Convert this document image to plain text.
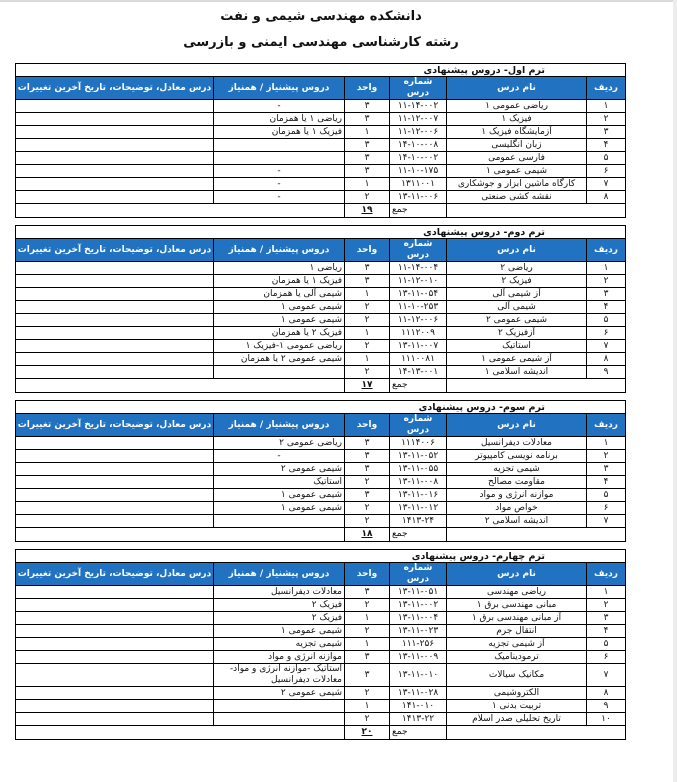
دانشکده مهندسی شیمی و نفت
رشته کارشناسی مهندسی ایمنی و بازرسی
ترم اول- دروس پیشنهادی					
ردیف	نام درس	شماره درس	واحد	دروس پیشنیاز / همنیاز	درس معادل، توضیحات، تاریخ آخرین تغییرات
۱	ریاضی عمومی ۱	۱۱-۱۴-۰۰۲	۳	-	
۲	فیزیک ۱	۱۱-۱۲-۰۰۷	۳	ریاضی ۱ یا همزمان	
۳	آزمایشگاه فیزیک ۱	۱۱-۱۲-۰۰۶	۱	فیزیک ۱ یا همزمان	
۴	زبان انگلیسی	۱۴-۱۰-۰۰۸	۳		
۵	فارسی عمومی	۱۴-۱۰-۰۰۲	۳		
۶	شیمی عمومی ۱	۱۱-۱۰-۱۷۵	۳	-	
۷	کارگاه ماشین ابزار و جوشکاری	۱۳۱۱۰۰۱	۱	-	
۸	نقشه کشی صنعتی	۱۳-۱۱-۰۰۶	۲	-	
		جمع	۱۹		
ترم دوم- دروس پیشنهادی					
ردیف	نام درس	شماره درس	واحد	دروس پیشنیاز / همنیاز	درس معادل، توضیحات، تاریخ آخرین تغییرات
۱	ریاضی ۲	۱۱-۱۴-۰۰۴	۳	ریاضی ۱	
۲	فیزیک ۲	۱۱-۱۲-۰۱۰	۳	فیزیک ۱ یا همزمان	
۳	آز شیمی آلی	۱۳-۱۱-۰۵۴	۱	شیمی آلی یا همزمان	
۴	شیمی آلی	۱۱-۱۰-۲۵۳	۲	شیمی عمومی ۱	
۵	شیمی عمومی ۲	۱۱-۱۲-۰۰۶	۲	شیمی عمومی ۱	
۶	آزفیزیک ۲	۱۱۱۲۰۰۹	۱	فیزیک ۲ یا همزمان	
۷	استاتیک	۱۳-۱۱-۰۰۷	۲	ریاضی عمومی ۱-فیزیک ۱	
۸	آز شیمی عمومی ۱	۱۱۱۰۰۸۱	۱	شیمی عمومی ۲ یا همزمان	
۹	اندیشه اسلامی ۱	۱۴-۱۳-۰۰۱	۲		
		جمع	۱۷		
ترم سوم- دروس پیشنهادی					
ردیف	نام درس	شماره درس	واحد	دروس پیشنیاز / همنیاز	درس معادل، توضیحات، تاریخ آخرین تغییرات
۱	معادلات دیفرانسیل	۱۱۱۴۰۰۶	۳	ریاضی عمومی ۲	
۲	برنامه نویسی کامپیوتر	۱۳-۱۱-۰۵۲	۳	-	
۳	شیمی تجزیه	۱۳-۱۱-۰۵۵	۳	شیمی عمومی ۲	
۴	مقاومت مصالح	۱۳-۱۱-۰۰۸	۲	استاتیک	
۵	موازنه انرژی و مواد	۱۳-۱۱-۰۱۶	۳	شیمی عمومی ۱	
۶	خواص مواد	۱۳-۱۱-۰۱۲	۲	شیمی عمومی ۱	
۷	اندیشه اسلامی ۲	۱۴۱۳-۲۴	۲		
		جمع	۱۸		
ترم چهارم- دروس پیشنهادی					
ردیف	نام درس	شماره درس	واحد	دروس پیشنیاز / همنیاز	درس معادل، توضیحات، تاریخ آخرین تغییرات
۱	ریاضی مهندسی	۱۳-۱۱-۰۵۱	۳	معادلات دیفرانسیل	
۲	مبانی مهندسی برق ۱	۱۳-۱۱-۰۰۲	۲	فیزیک ۲	
۳	آز مبانی مهندسی برق ۱	۱۳-۱۱-۰۰۴	۱	فیزیک ۲	
۴	انتقال جرم	۱۳-۱۱-۰۲۳	۲	شیمی عمومی ۱	
۵	آز شیمی تجزیه	۱۱۱-۲۵۶	۱	شیمی تجزیه	
۶	ترمودینامیک	۱۳-۱۱-۰۰۹	۳	موازنه انرژی و مواد	
۷	مکانیک سیالات	۱۳-۱۱-۰۱۰	۳	استاتیک -موازنه انرژی و مواد-معادلات دیفرانسیل	
۸	الکتروشیمی	۱۳-۱۱-۰۲۸	۲	شیمی عمومی ۲	
۹	تربیت بدنی ۱	۱۴۱-۰۱۰	۱		
۱۰	تاریخ تحلیلی صدر اسلام	۱۴۱۳-۲۲	۲		
		جمع	۲۰		
